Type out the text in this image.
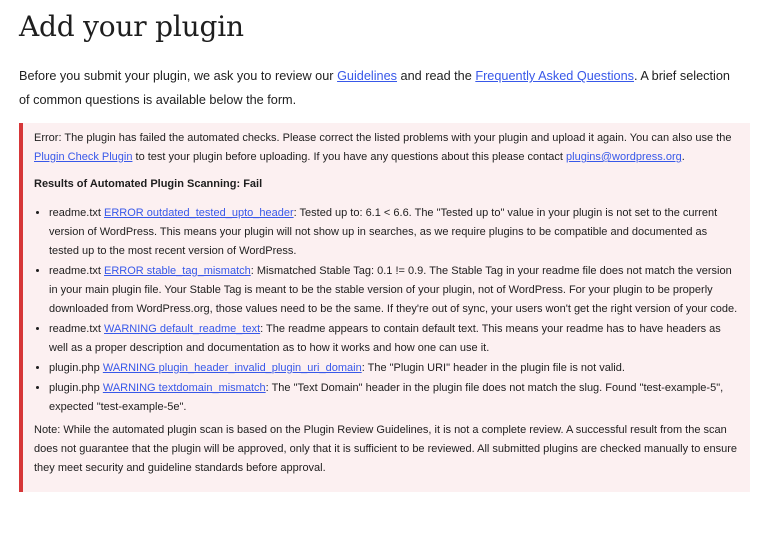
Add your plugin

Before you submit your plugin, we ask you to review our Guidelines and read the Frequently Asked Questions. A brief selection of common questions is available below the form.

Error: The plugin has failed the automated checks. Please correct the listed problems with your plugin and upload it again. You can also use the Plugin Check Plugin to test your plugin before uploading. If you have any questions about this please contact plugins@wordpress.org.

Results of Automated Plugin Scanning: Fail

• readme.txt ERROR outdated_tested_upto_header: Tested up to: 6.1 < 6.6. The "Tested up to" value in your plugin is not set to the current version of WordPress. This means your plugin will not show up in searches, as we require plugins to be compatible and documented as tested up to the most recent version of WordPress.
• readme.txt ERROR stable_tag_mismatch: Mismatched Stable Tag: 0.1 != 0.9. The Stable Tag in your readme file does not match the version in your main plugin file. Your Stable Tag is meant to be the stable version of your plugin, not of WordPress. For your plugin to be properly downloaded from WordPress.org, those values need to be the same. If they're out of sync, your users won't get the right version of your code.
• readme.txt WARNING default_readme_text: The readme appears to contain default text. This means your readme has to have headers as well as a proper description and documentation as to how it works and how one can use it.
• plugin.php WARNING plugin_header_invalid_plugin_uri_domain: The "Plugin URI" header in the plugin file is not valid.
• plugin.php WARNING textdomain_mismatch: The "Text Domain" header in the plugin file does not match the slug. Found "test-example-5", expected "test-example-5e".

Note: While the automated plugin scan is based on the Plugin Review Guidelines, it is not a complete review. A successful result from the scan does not guarantee that the plugin will be approved, only that it is sufficient to be reviewed. All submitted plugins are checked manually to ensure they meet security and guideline standards before approval.
